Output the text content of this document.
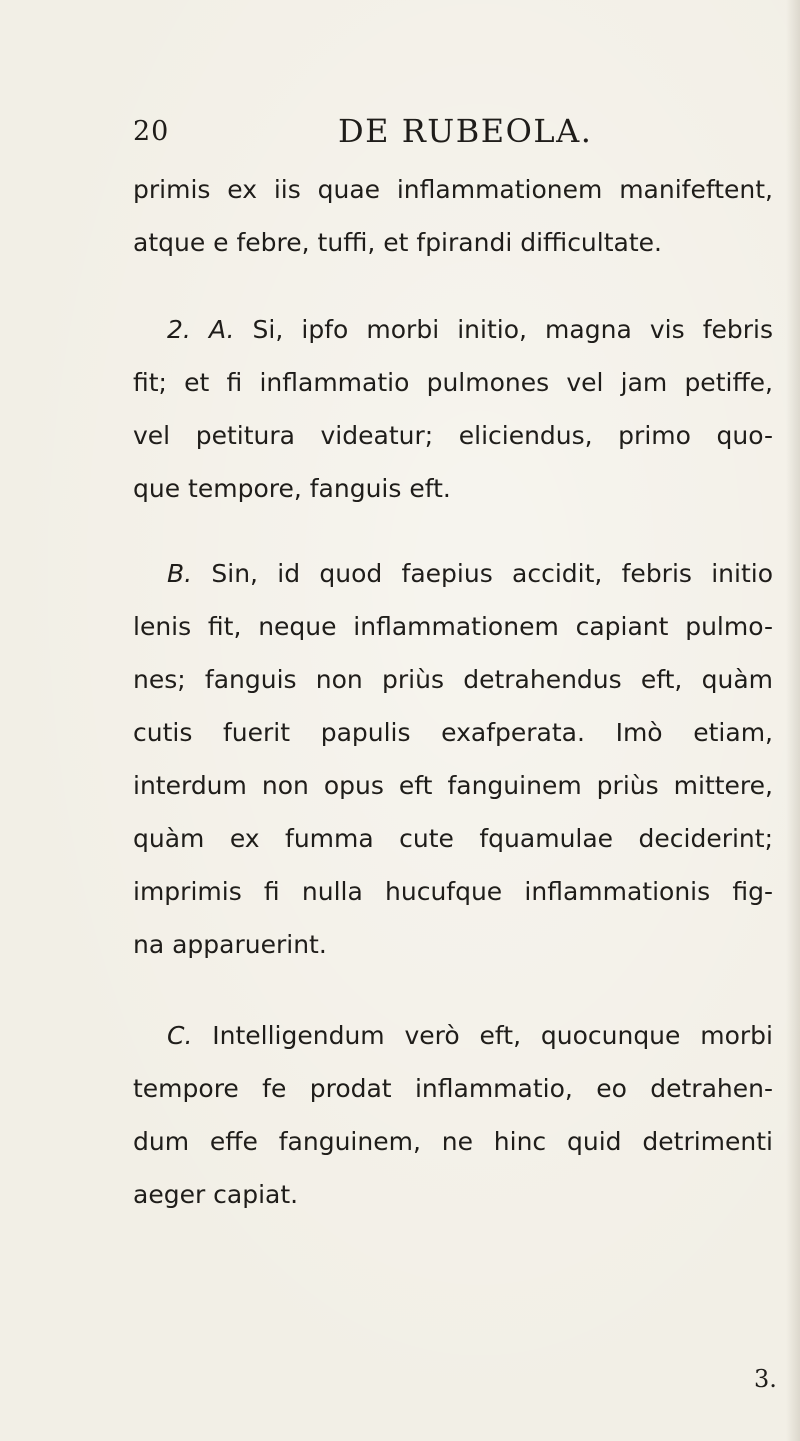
20	DE RUBEOLA.
primis ex iis quae inflammationem manifeftent,
atque e febre, tuffi, et fpirandi difficultate.
2. A. Si, ipfo morbi initio, magna vis febris
fit; et fi inflammatio pulmones vel jam petiffe,
vel petitura videatur; eliciendus, primo quo-
que tempore, fanguis eft.
B. Sin, id quod faepius accidit, febris initio
lenis fit, neque inflammationem capiant pulmo-
nes; fanguis non priùs detrahendus eft, quàm
cutis fuerit papulis exafperata. Imò etiam,
interdum non opus eft fanguinem priùs mittere,
quàm ex fumma cute fquamulae deciderint;
imprimis fi nulla hucufque inflammationis fig-
na apparuerint.
C. Intelligendum verò eft, quocunque morbi
tempore fe prodat inflammatio, eo detrahen-
dum effe fanguinem, ne hinc quid detrimenti
aeger capiat.
3.
